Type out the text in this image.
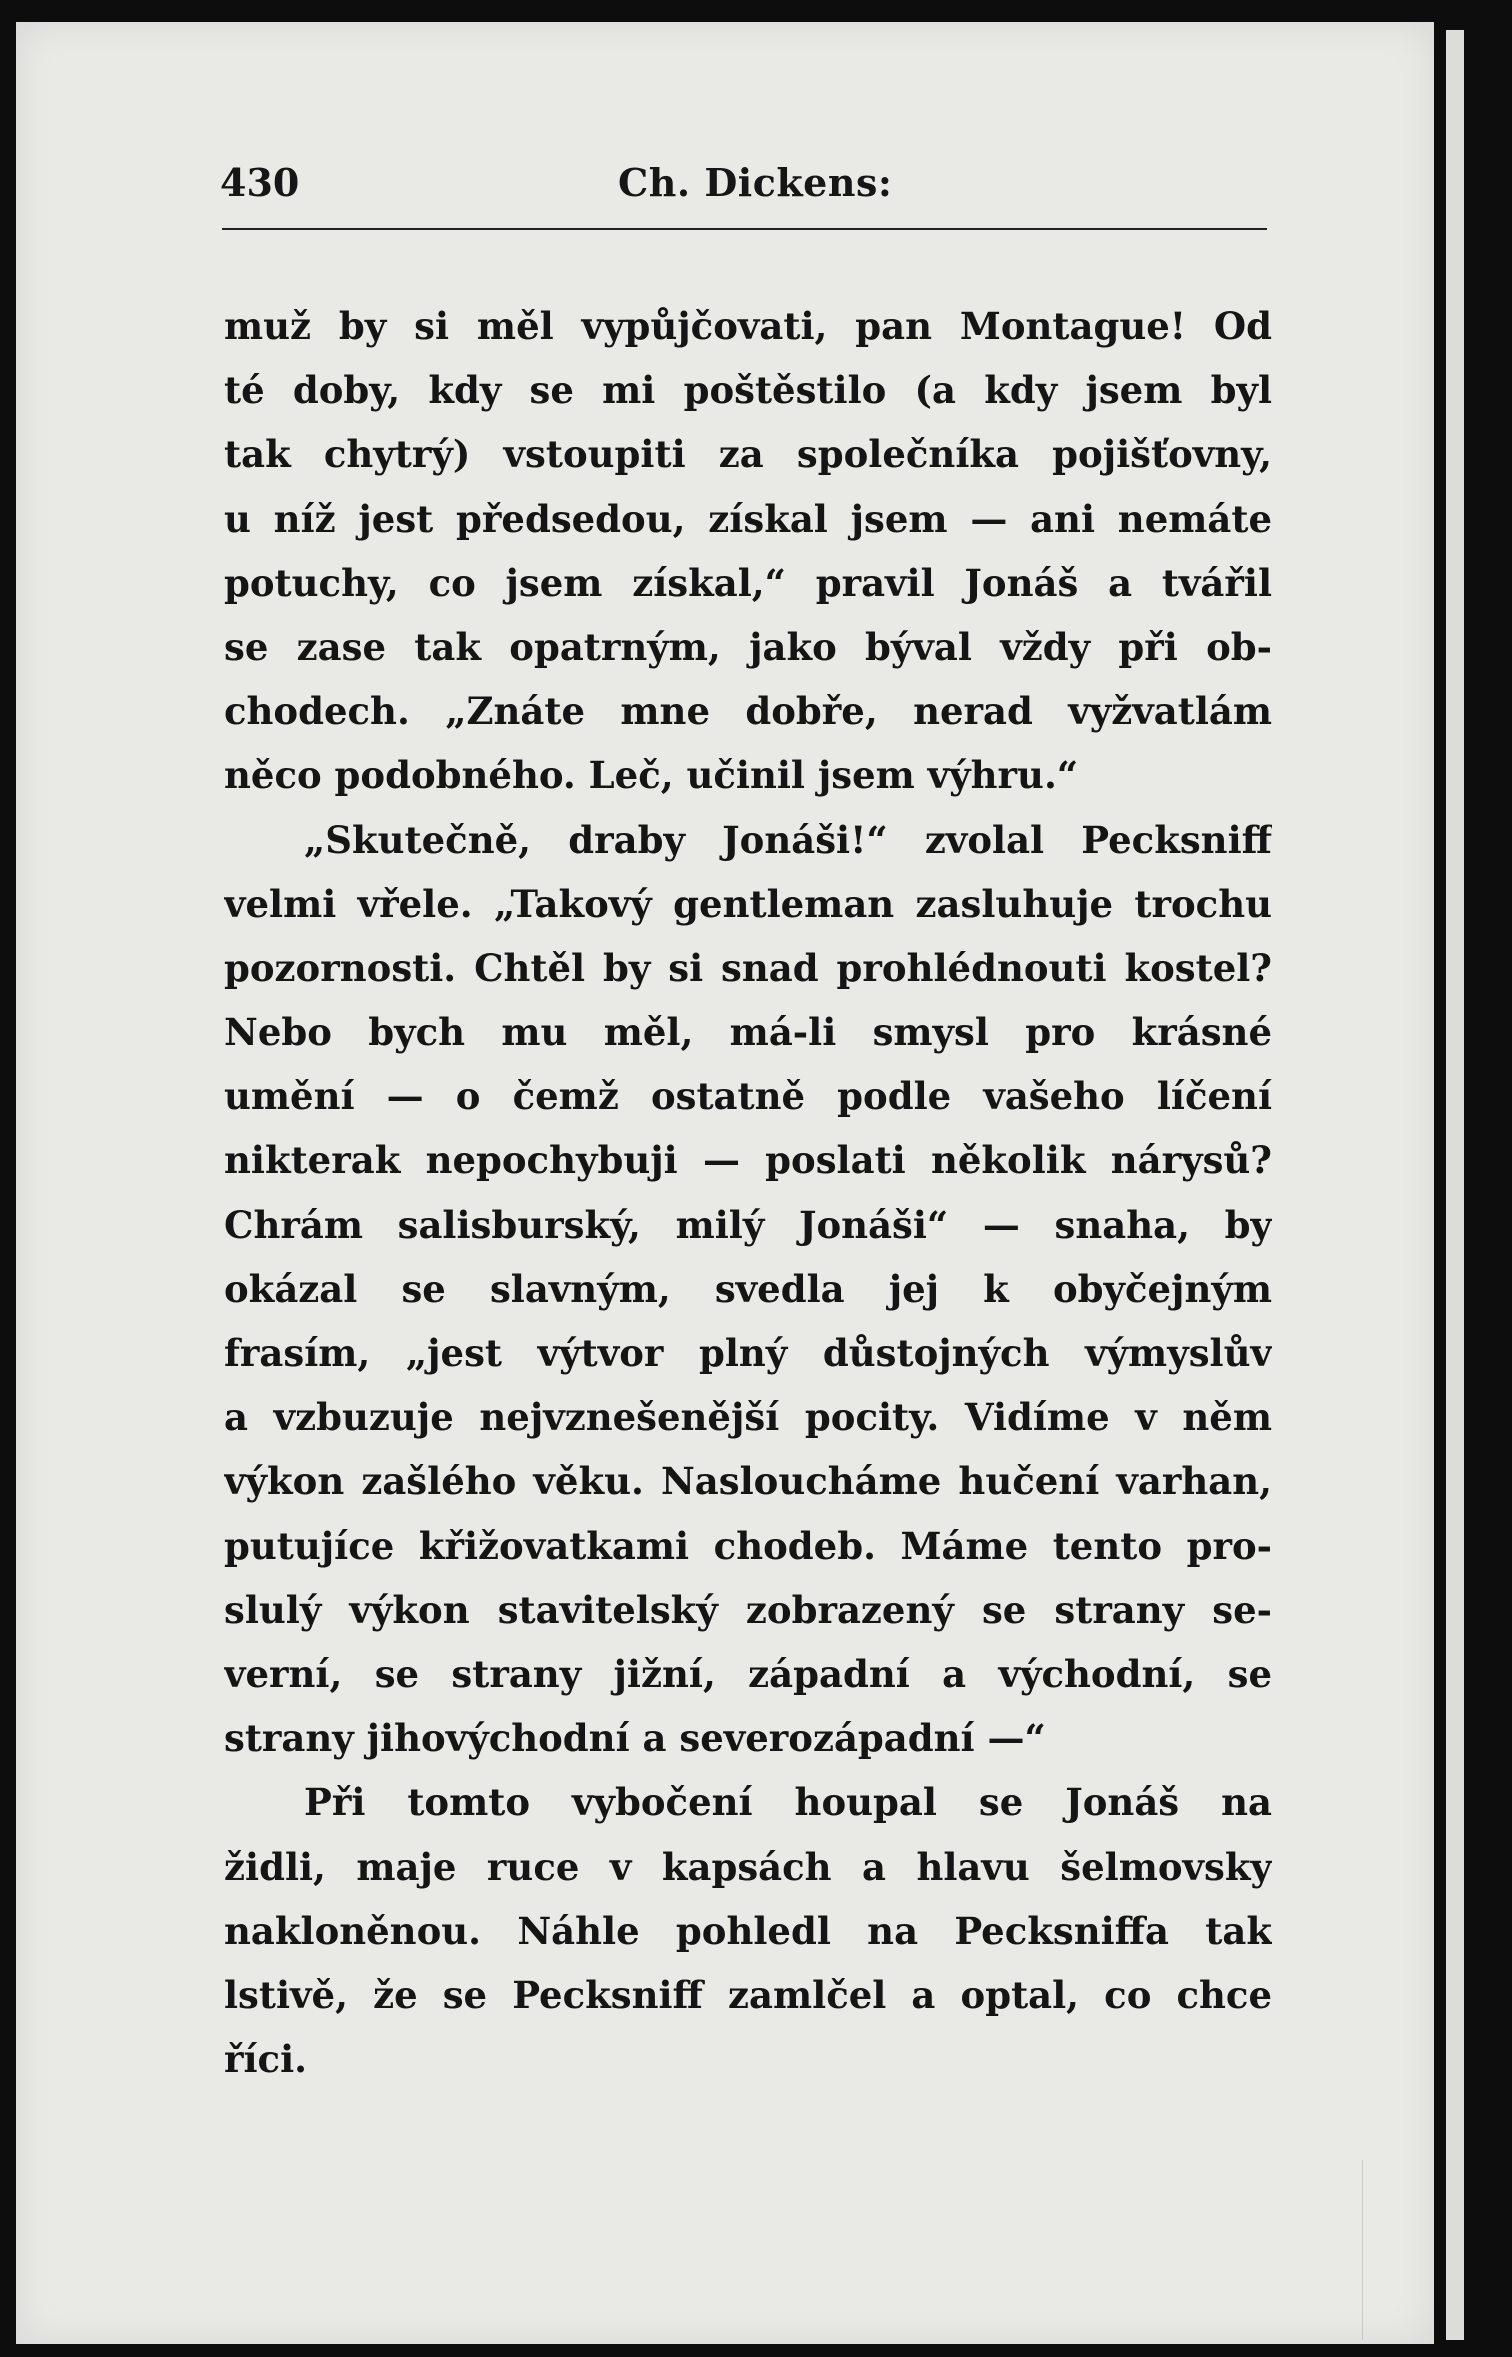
430	Ch. Dickens:
muž by si měl vypůjčovati, pan Montague! Od
té doby, kdy se mi poštěstilo (a kdy jsem byl
tak chytrý) vstoupiti za společníka pojišťovny,
u níž jest předsedou, získal jsem — ani nemáte
potuchy, co jsem získal,“ pravil Jonáš a tvářil
se zase tak opatrným, jako býval vždy při ob-
chodech. „Znáte mne dobře, nerad vyžvatlám
něco podobného. Leč, učinil jsem výhru.“
„Skutečně, draby Jonáši!“ zvolal Pecksniff
velmi vřele. „Takový gentleman zasluhuje trochu
pozornosti. Chtěl by si snad prohlédnouti kostel?
Nebo bych mu měl, má-li smysl pro krásné
umění — o čemž ostatně podle vašeho líčení
nikterak nepochybuji — poslati několik nárysů?
Chrám salisburský, milý Jonáši“ — snaha, by
okázal se slavným, svedla jej k obyčejným
frasím, „jest výtvor plný důstojných výmyslův
a vzbuzuje nejvznešenější pocity. Vidíme v něm
výkon zašlého věku. Nasloucháme hučení varhan,
putujíce křižovatkami chodeb. Máme tento pro-
slulý výkon stavitelský zobrazený se strany se-
verní, se strany jižní, západní a východní, se
strany jihovýchodní a severozápadní —“
Při tomto vybočení houpal se Jonáš na
židli, maje ruce v kapsách a hlavu šelmovsky
nakloněnou. Náhle pohledl na Pecksniffa tak
lstivě, že se Pecksniff zamlčel a optal, co chce
říci.
